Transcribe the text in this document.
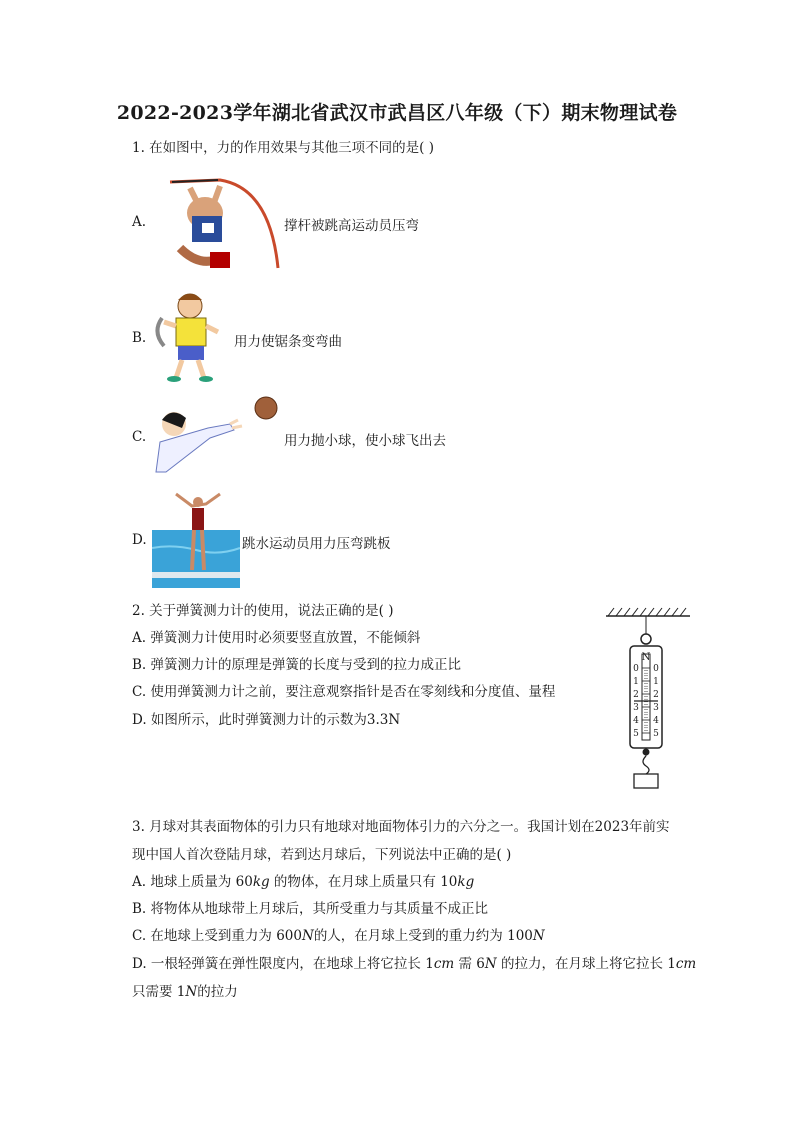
2022-2023学年湖北省武汉市武昌区八年级（下）期末物理试卷
1. 在如图中，力的作用效果与其他三项不同的是( )
A.	撑杆被跳高运动员压弯
B.	用力使锯条变弯曲
C.	用力抛小球，使小球飞出去
D.	跳水运动员用力压弯跳板
2. 关于弹簧测力计的使用，说法正确的是( )
A. 弹簧测力计使用时必须要竖直放置，不能倾斜
B. 弹簧测力计的原理是弹簧的长度与受到的拉力成正比
C. 使用弹簧测力计之前，要注意观察指针是否在零刻线和分度值、量程
D. 如图所示，此时弹簧测力计的示数为3.3N
N
0 0
1 1
2 2
3 3
4 4
5 5
3. 月球对其表面物体的引力只有地球对地面物体引力的六分之一。我国计划在2023年前实
现中国人首次登陆月球，若到达月球后，下列说法中正确的是( )
A. 地球上质量为 60kg 的物体，在月球上质量只有 10kg
B. 将物体从地球带上月球后，其所受重力与其质量不成正比
C. 在地球上受到重力为 600N的人，在月球上受到的重力约为 100N
D. 一根轻弹簧在弹性限度内，在地球上将它拉长 1cm 需 6N 的拉力，在月球上将它拉长 1cm
只需要 1N的拉力
